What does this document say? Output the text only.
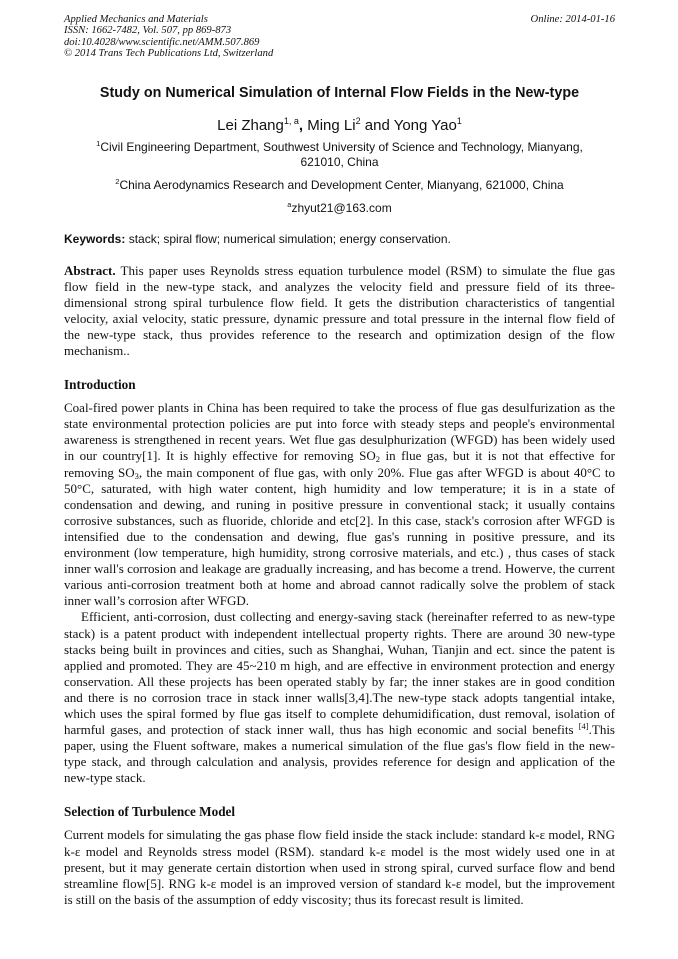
Applied Mechanics and Materials
ISSN: 1662-7482, Vol. 507, pp 869-873
doi:10.4028/www.scientific.net/AMM.507.869
© 2014 Trans Tech Publications Ltd, Switzerland
Online: 2014-01-16
Study on Numerical Simulation of Internal Flow Fields in the New-type
Lei Zhang$^{1, a}$, Ming Li$^2$ and Yong Yao$^1$
$^1$Civil Engineering Department, Southwest University of Science and Technology, Mianyang, 621010, China
$^2$China Aerodynamics Research and Development Center, Mianyang, 621000, China
$^a$zhyut21@163.com
Keywords: stack; spiral flow; numerical simulation; energy conservation.

Abstract. This paper uses Reynolds stress equation turbulence model (RSM) to simulate the flue gas flow field in the new-type stack, and analyzes the velocity field and pressure field of its three-dimensional strong spiral turbulence flow field. It gets the distribution characteristics of tangential velocity, axial velocity, static pressure, dynamic pressure and total pressure in the internal flow field of the new-type stack, thus provides reference to the research and optimization design of the flow mechanism..

Introduction

Coal-fired power plants in China has been required to take the process of flue gas desulfurization as the state environmental protection policies are put into force with steady steps and people's environmental awareness is strengthened in recent years. Wet flue gas desulphurization (WFGD) has been widely used in our country[1]. It is highly effective for removing $SO_2$ in flue gas, but it is not that effective for removing $SO_3$, the main component of flue gas, with only 20%. Flue gas after WFGD is about 40°C to 50°C, saturated, with high water content, high humidity and low temperature; it is in a state of condensation and dewing, and runing in positive pressure in conventional stack; it usually contains corrosive substances, such as fluoride, chloride and etc[2]. In this case, stack's corrosion after WFGD is intensified due to the condensation and dewing, flue gas's running in positive pressure, and its environment (low temperature, high humidity, strong corrosive materials, and etc.) , thus cases of stack inner wall's corrosion and leakage are gradually increasing, and has become a trend. Howerve, the current various anti-corrosion treatment both at home and abroad cannot radically solve the problem of stack inner wall’s corrosion after WFGD.

Efficient, anti-corrosion, dust collecting and energy-saving stack (hereinafter referred to as new-type stack) is a patent product with independent intellectual property rights. There are around 30 new-type stacks being built in provinces and cities, such as Shanghai, Wuhan, Tianjin and ect. since the patent is applied and promoted. They are 45~210 m high, and are effective in environment protection and energy conservation. All these projects has been operated stably by far; the inner stakes are in good condition and there is no corrosion trace in stack inner walls[3,4].The new-type stack adopts tangential intake, which uses the spiral formed by flue gas itself to complete dehumidification, dust removal, isolation of harmful gases, and protection of stack inner wall, thus has high economic and social benefits [4].This paper, using the Fluent software, makes a numerical simulation of the flue gas's flow field in the new-type stack, and through calculation and analysis, provides reference for design and application of the new-type stack.

Selection of Turbulence Model

Current models for simulating the gas phase flow field inside the stack include: standard k-ε model, RNG k-ε model and Reynolds stress model (RSM). standard k-ε model is the most widely used one in at present, but it may generate certain distortion when used in strong spiral, curved surface flow and bend streamline flow[5]. RNG k-ε model is an improved version of standard k-ε model, but the improvement is still on the basis of the assumption of eddy viscosity; thus its forecast result is limited.
